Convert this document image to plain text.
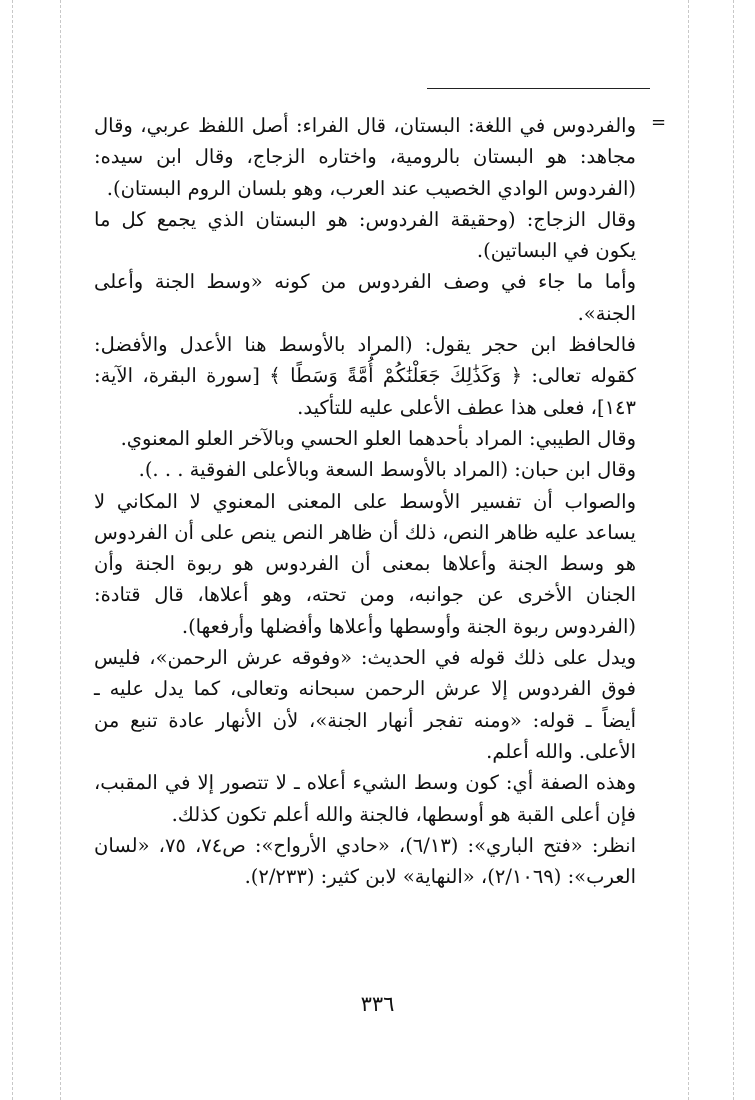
=

والفردوس في اللغة: البستان، قال الفراء: أصل اللفظ عربي، وقال مجاهد: هو البستان بالرومية، واختاره الزجاج، وقال ابن سيده: (الفردوس الوادي الخصيب عند العرب، وهو بلسان الروم البستان).

وقال الزجاج: (وحقيقة الفردوس: هو البستان الذي يجمع كل ما يكون في البساتين).

وأما ما جاء في وصف الفردوس من كونه «وسط الجنة وأعلى الجنة».

فالحافظ ابن حجر يقول: (المراد بالأوسط هنا الأعدل والأفضل: كقوله تعالى: ﴿ وَكَذَٰلِكَ جَعَلْنَٰكُمْ أُمَّةً وَسَطًا ﴾ [سورة البقرة، الآية: ١٤٣]، فعلى هذا عطف الأعلى عليه للتأكيد.

وقال الطيبي: المراد بأحدهما العلو الحسي وبالآخر العلو المعنوي.

وقال ابن حبان: (المراد بالأوسط السعة وبالأعلى الفوقية . . .).

والصواب أن تفسير الأوسط على المعنى المعنوي لا المكاني لا يساعد عليه ظاهر النص، ذلك أن ظاهر النص ينص على أن الفردوس هو وسط الجنة وأعلاها بمعنى أن الفردوس هو ربوة الجنة وأن الجنان الأخرى عن جوانبه، ومن تحته، وهو أعلاها، قال قتادة: (الفردوس ربوة الجنة وأوسطها وأعلاها وأفضلها وأرفعها).

ويدل على ذلك قوله في الحديث: «وفوقه عرش الرحمن»، فليس فوق الفردوس إلا عرش الرحمن سبحانه وتعالى، كما يدل عليه ـ أيضاً ـ قوله: «ومنه تفجر أنهار الجنة»، لأن الأنهار عادة تنبع من الأعلى. والله أعلم.

وهذه الصفة أي: كون وسط الشيء أعلاه ـ لا تتصور إلا في المقبب، فإن أعلى القبة هو أوسطها، فالجنة والله أعلم تكون كذلك.

انظر: «فتح الباري»: (٦/١٣)، «حادي الأرواح»: ص٧٤، ٧٥، «لسان العرب»: (٢/١٠٦٩)، «النهاية» لابن كثير: (٢/٢٣٣).

٣٣٦
